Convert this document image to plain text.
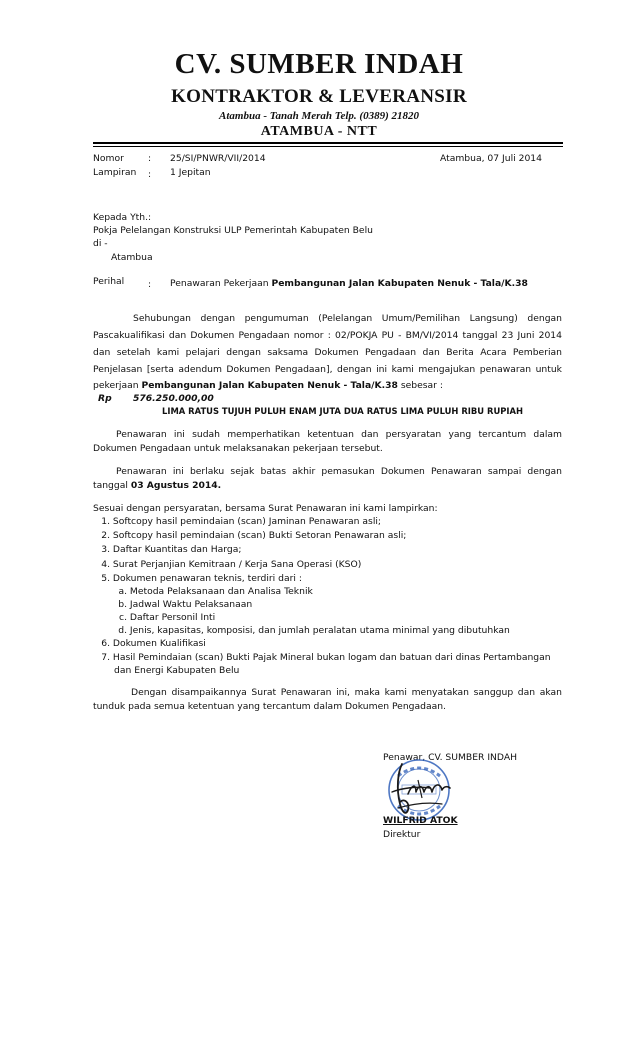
CV. SUMBER INDAH
KONTRAKTOR & LEVERANSIR
Atambua - Tanah Merah Telp. (0389) 21820
ATAMBUA - NTT
Nomor	: 25/SI/PNWR/VII/2014	Atambua, 07 Juli 2014
Lampiran : 1 Jepitan
Kepada Yth.:
Pokja Pelelangan Konstruksi ULP Pemerintah Kabupaten Belu
di -
Atambua
Perihal	: Penawaran Pekerjaan Pembangunan Jalan Kabupaten Nenuk - Tala/K.38
Sehubungan dengan pengumuman (Pelelangan Umum/Pemilihan Langsung) dengan
Pascakualifikasi dan Dokumen Pengadaan nomor : 02/POKJA PU - BM/VI/2014 tanggal 23 Juni 2014
dan setelah kami pelajari dengan saksama Dokumen Pengadaan dan Berita Acara Pemberian
Penjelasan [serta adendum Dokumen Pengadaan], dengan ini kami mengajukan penawaran untuk
pekerjaan Pembangunan Jalan Kabupaten Nenuk - Tala/K.38 sebesar :
Rp 576.250.000,00
LIMA RATUS TUJUH PULUH ENAM JUTA DUA RATUS LIMA PULUH RIBU RUPIAH
Penawaran ini sudah memperhatikan ketentuan dan persyaratan yang tercantum dalam
Dokumen Pengadaan untuk melaksanakan pekerjaan tersebut.
Penawaran ini berlaku sejak batas akhir pemasukan Dokumen Penawaran sampai dengan
tanggal 03 Agustus 2014.
Sesuai dengan persyaratan, bersama Surat Penawaran ini kami lampirkan:
1. Softcopy hasil pemindaian (scan) Jaminan Penawaran asli;
2. Softcopy hasil pemindaian (scan) Bukti Setoran Penawaran asli;
3. Daftar Kuantitas dan Harga;
4. Surat Perjanjian Kemitraan / Kerja Sana Operasi (KSO)
5. Dokumen penawaran teknis, terdiri dari :
a. Metoda Pelaksanaan dan Analisa Teknik
b. Jadwal Waktu Pelaksanaan
c. Daftar Personil Inti
d. Jenis, kapasitas, komposisi, dan jumlah peralatan utama minimal yang dibutuhkan
6. Dokumen Kualifikasi
7. Hasil Pemindaian (scan) Bukti Pajak Mineral bukan logam dan batuan dari dinas Pertambangan
dan Energi Kabupaten Belu
Dengan disampaikannya Surat Penawaran ini, maka kami menyatakan sanggup dan akan
tunduk pada semua ketentuan yang tercantum dalam Dokumen Pengadaan.
Penawar, CV. SUMBER INDAH
WILFRID ATOK
Direktur
